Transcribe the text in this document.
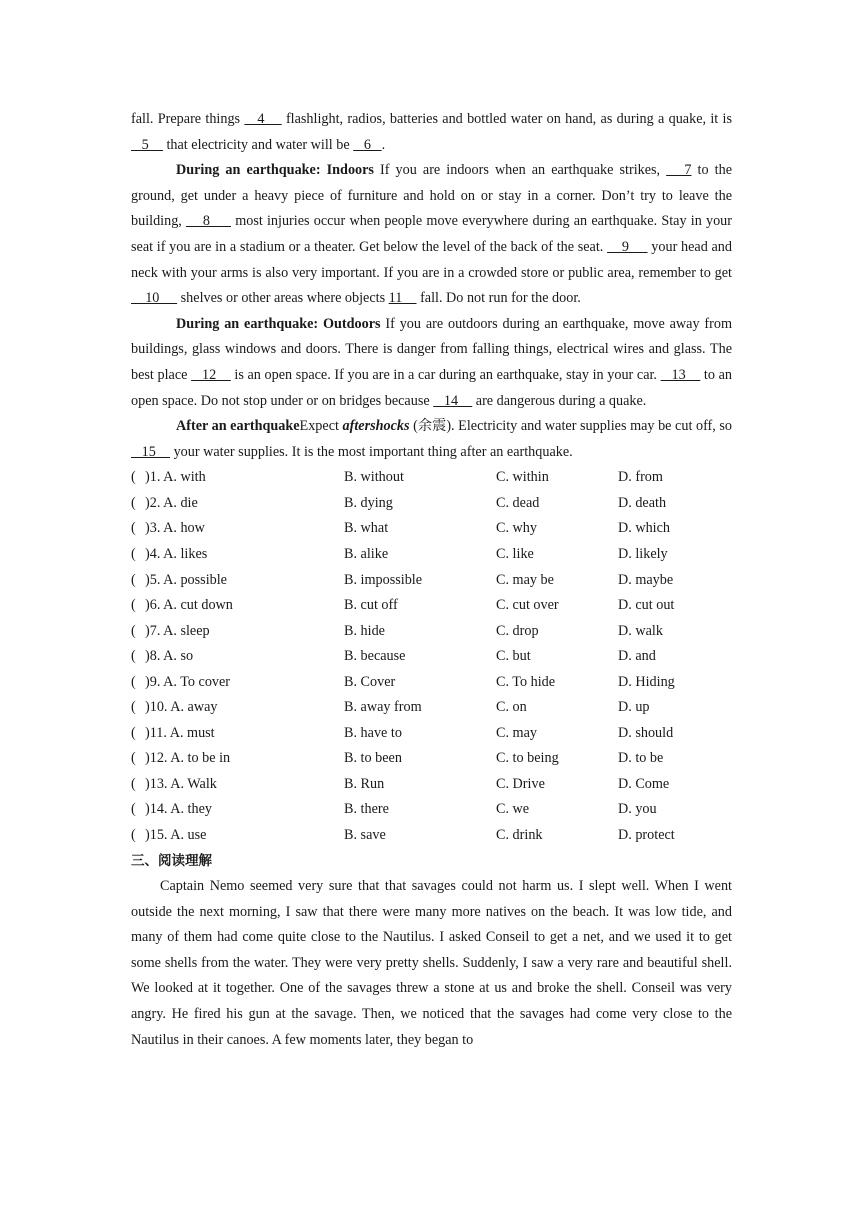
fall. Prepare things    4     flashlight, radios, batteries and bottled water on hand, as during a quake, it is    5     that electricity and water will be    6   .

During an earthquake: Indoors If you are indoors when an earthquake strikes,    7 to the ground, get under a heavy piece of furniture and hold on or stay in a corner. Don’t try to leave the building,     8      most injuries occur when people move everywhere during an earthquake. Stay in your seat if you are in a stadium or a theater. Get below the level of the back of the seat.     9      your head and neck with your arms is also very important. If you are in a crowded store or public area, remember to get     10      shelves or other areas where objects 11     fall. Do not run for the door.

During an earthquake: Outdoors If you are outdoors during an earthquake, move away from buildings, glass windows and doors. There is danger from falling things, electrical wires and glass. The best place    12     is an open space. If you are in a car during an earthquake, stay in your car.    13     to an open space. Do not stop under or on bridges because    14     are dangerous during a quake.

After an earthquakeExpect aftershocks (余震). Electricity and water supplies may be cut off, so    15     your water supplies. It is the most important thing after an earthquake.

( )1. A. with	B. without	C. within	D. from
( )2. A. die	B. dying	C. dead	D. death
( )3. A. how	B. what	C. why	D. which
( )4. A. likes	B. alike	C. like	D. likely
( )5. A. possible	B. impossible	C. may be	D. maybe
( )6. A. cut down	B. cut off	C. cut over	D. cut out
( )7. A. sleep	B. hide	C. drop	D. walk
( )8. A. so	B. because	C. but	D. and
( )9. A. To cover	B. Cover	C. To hide	D. Hiding
( )10. A. away	B. away from	C. on	D. up
( )11. A. must	B. have to	C. may	D. should
( )12. A. to be in	B. to been	C. to being	D. to be
( )13. A. Walk	B. Run	C. Drive	D. Come
( )14. A. they	B. there	C. we	D. you
( )15. A. use	B. save	C. drink	D. protect

三、阅读理解

Captain Nemo seemed very sure that that savages could not harm us. I slept well. When I went outside the next morning, I saw that there were many more natives on the beach. It was low tide, and many of them had come quite close to the Nautilus. I asked Conseil to get a net, and we used it to get some shells from the water. They were very pretty shells. Suddenly, I saw a very rare and beautiful shell. We looked at it together. One of the savages threw a stone at us and broke the shell. Conseil was very angry. He fired his gun at the savage. Then, we noticed that the savages had come very close to the Nautilus in their canoes. A few moments later, they began to
